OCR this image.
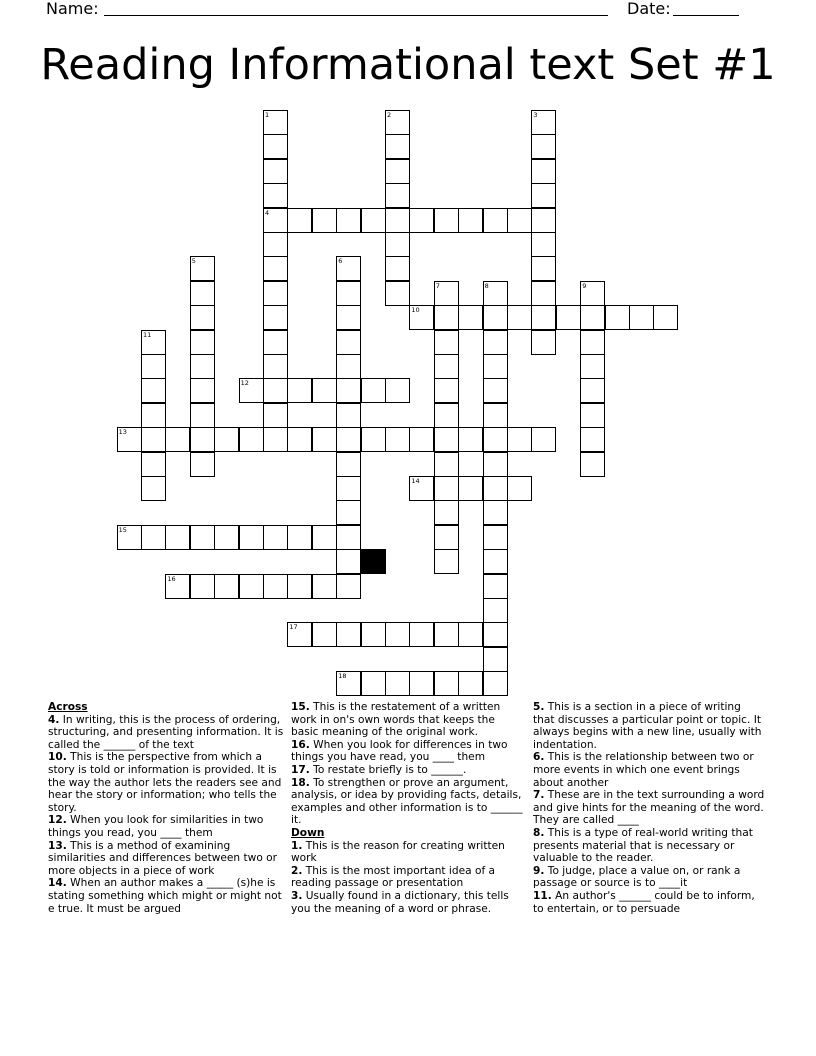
Name:	Date:
Reading Informational text Set #1
1
4
2	3
5	6
7	8	9
10
11
12
13
14
15
16
17
18
Across

4. In writing, this is the process of ordering, structuring, and presenting information. It is called the ______ of the text

10. This is the perspective from which a story is told or information is provided. It is the way the author lets the readers see and hear the story or information; who tells the story.

12. When you look for similarities in two things you read, you ____ them

13. This is a method of examining similarities and differences between two or more objects in a piece of work

14. When an author makes a _____ (s)he is stating something which might or might not e true. It must be argued

15. This is the restatement of a written work in on's own words that keeps the basic meaning of the original work.

16. When you look for differences in two things you have read, you ____ them

17. To restate briefly is to ______.

18. To strengthen or prove an argument, analysis, or idea by providing facts, details, examples and other information is to ______ it.

Down

1. This is the reason for creating written work

2. This is the most important idea of a reading passage or presentation

3. Usually found in a dictionary, this tells you the meaning of a word or phrase.

5. This is a section in a piece of writing that discusses a particular point or topic. It always begins with a new line, usually with indentation.

6. This is the relationship between two or more events in which one event brings about another

7. These are in the text surrounding a word and give hints for the meaning of the word. They are called ____

8. This is a type of real-world writing that presents material that is necessary or valuable to the reader.

9. To judge, place a value on, or rank a passage or source is to ____it

11. An author's ______ could be to inform, to entertain, or to persuade
